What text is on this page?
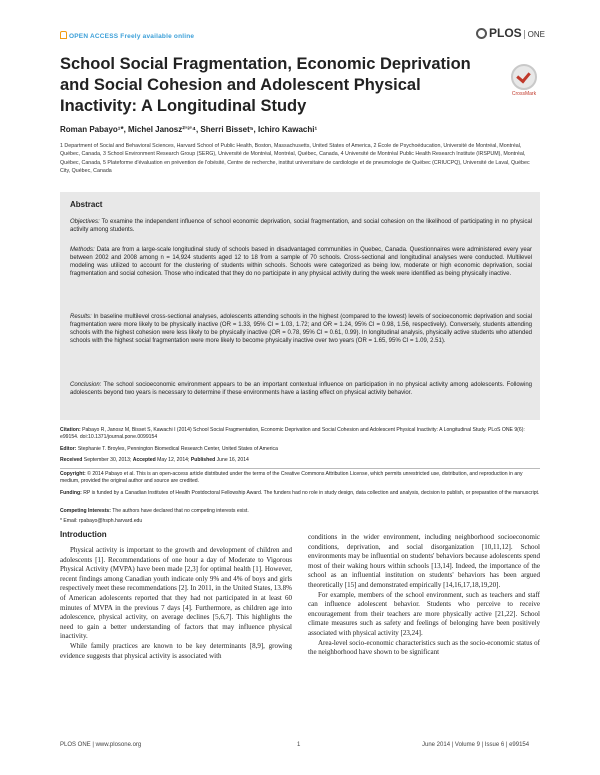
OPEN ACCESS Freely available online	PLOS ONE
School Social Fragmentation, Economic Deprivation and Social Cohesion and Adolescent Physical Inactivity: A Longitudinal Study
CrossMark
Roman Pabayo¹*, Michel Janosz²ʼ³ʼ⁴, Sherri Bisset⁵, Ichiro Kawachi¹
1 Department of Social and Behavioral Sciences, Harvard School of Public Health, Boston, Massachusetts, United States of America, 2 École de Psychoéducation, Université de Montréal, Montréal, Québec, Canada, 3 School Environment Research Group (SERG), Université de Montréal, Montréal, Québec, Canada, 4 Université de Montréal Public Health Research Institute (IRSPUM), Montréal, Québec, Canada, 5 Plateforme d'évaluation en prévention de l'obésité, Centre de recherche, institut universitaire de cardiologie et de pneumologie de Québec (CRIUCPQ), Université de Laval, Québec City, Québec, Canada
Abstract
Objectives: To examine the independent influence of school economic deprivation, social fragmentation, and social cohesion on the likelihood of participating in no physical activity among students.
Methods: Data are from a large-scale longitudinal study of schools based in disadvantaged communities in Quebec, Canada. Questionnaires were administered every year between 2002 and 2008 among n = 14,924 students aged 12 to 18 from a sample of 70 schools. Cross-sectional and longitudinal analyses were conducted. Multilevel modeling was utilized to account for the clustering of students within schools. Schools were categorized as being low, moderate or high economic deprivation, social fragmentation and social cohesion. Those who indicated that they do no participate in any physical activity during the week were identified as being physically inactive.
Results: In baseline multilevel cross-sectional analyses, adolescents attending schools in the highest (compared to the lowest) levels of socioeconomic deprivation and social fragmentation were more likely to be physically inactive (OR = 1.33, 95% CI = 1.03, 1.72; and OR = 1.24, 95% CI = 0.98, 1.56, respectively). Conversely, students attending schools with the highest cohesion were less likely to be physically inactive (OR = 0.78, 95% CI = 0.61, 0.99). In longitudinal analysis, physically active students who attended schools with the highest social fragmentation were more likely to become physically inactive over two years (OR = 1.65, 95% CI = 1.09, 2.51).
Conclusion: The school socioeconomic environment appears to be an important contextual influence on participation in no physical activity among adolescents. Following adolescents beyond two years is necessary to determine if these environments have a lasting effect on physical activity behavior.
Citation: Pabayo R, Janosz M, Bisset S, Kawachi I (2014) School Social Fragmentation, Economic Deprivation and Social Cohesion and Adolescent Physical Inactivity: A Longitudinal Study. PLoS ONE 9(6): e99154. doi:10.1371/journal.pone.0099154
Editor: Stephanie T. Broyles, Pennington Biomedical Research Center, United States of America
Received September 30, 2013; Accepted May 12, 2014; Published June 16, 2014
Copyright: © 2014 Pabayo et al. This is an open-access article distributed under the terms of the Creative Commons Attribution License, which permits unrestricted use, distribution, and reproduction in any medium, provided the original author and source are credited.
Funding: RP is funded by a Canadian Institutes of Health Postdoctoral Fellowship Award. The funders had no role in study design, data collection and analysis, decision to publish, or preparation of the manuscript.
Competing Interests: The authors have declared that no competing interests exist.
* Email: rpabayo@hsph.harvard.edu
Introduction

Physical activity is important to the growth and development of children and adolescents [1]. Recommendations of one hour a day of Moderate to Vigorous Physical Activity (MVPA) have been made [2,3] for optimal health [1]. However, recent findings among Canadian youth indicate only 9% and 4% of boys and girls respectively meet these recommendations [2]. In 2011, in the United States, 13.8% of American adolescents reported that they had not participated in at least 60 minutes of MVPA in the previous 7 days [4]. Furthermore, as children age into adolescence, physical activity, on average declines [5,6,7]. This highlights the need to gain a better understanding of factors that may influence physical inactivity.

While family practices are known to be key determinants [8,9], growing evidence suggests that physical activity is associated with

conditions in the wider environment, including neighborhood socioeconomic conditions, deprivation, and social disorganization [10,11,12]. School environments may be influential on students' behaviors because adolescents spend most of their waking hours within schools [13,14]. Indeed, the importance of the school as an influential institution on students' behaviors has been argued theoretically [15] and demonstrated empirically [14,16,17,18,19,20].

For example, members of the school environment, such as teachers and staff can influence adolescent behavior. Students who perceive to receive encouragement from their teachers are more physically active [21,22]. School climate measures such as safety and feelings of belonging have been positively associated with physical activity [23,24].

Area-level socio-economic characteristics such as the socio-economic status of the neighborhood have shown to be significant

PLOS ONE | www.plosone.org	1	June 2014 | Volume 9 | Issue 6 | e99154
